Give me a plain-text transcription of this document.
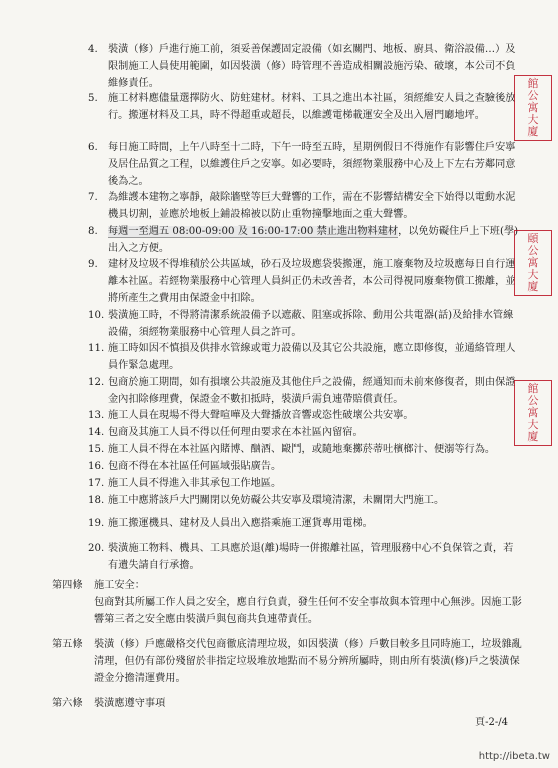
4. 裝潢（修）戶進行施工前，須妥善保護固定設備（如玄關門、地板、廚具、衛浴設備…）及限制施工人員使用範圍，如因裝潢（修）時管理不善造成相關設施污染、破壞，本公司不負維修責任。
5. 施工材料應儘量選擇防火、防蛀建材。材料、工具之進出本社區，須經維安人員之查驗後放行。搬運材料及工具，時不得超重或超長，以維護電梯載運安全及出入層門廳地坪。
6. 每日施工時間，上午八時至十二時，下午一時至五時，星期例假日不得施作有影響住戶安寧及居住品質之工程，以維護住戶之安寧。如必要時，須經物業服務中心及上下左右芳鄰同意後為之。
7. 為維護本建物之寧靜，敲除牆壁等巨大聲響的工作，需在不影響結構安全下始得以電動水泥機具切割，並應於地板上鋪設棉被以防止重物撞擊地面之重大聲響。
8. 每週一至週五 08:00-09:00 及 16:00-17:00 禁止進出物料建材，以免妨礙住戶上下班(學)出入之方便。
9. 建材及垃圾不得堆積於公共區域，砂石及垃圾應袋裝搬運，施工廢棄物及垃圾應每日自行運離本社區。若經物業服務中心管理人員糾正仍未改善者，本公司得視同廢棄物償工搬離，並將所產生之費用由保證金中扣除。
10. 裝潢施工時，不得將清潔系統設備予以遮蔽、阻塞或拆除、動用公共電器(話)及給排水管線設備，須經物業服務中心管理人員之許可。
11. 施工時如因不慎損及供排水管線或電力設備以及其它公共設施，應立即修復，並通絡管理人員作緊急處理。
12. 包商於施工期間，如有損壞公共設施及其他住戶之設備，經通知而未前來修復者，則由保證金內扣除修理費，保證金不數扣抵時，裝潢戶需負連帶賠償責任。
13. 施工人員在現場不得大聲喧嘩及大聲播放音響或恣性破壞公共安寧。
14. 包商及其施工人員不得以任何理由要求在本社區內留宿。
15. 施工人員不得在本社區內賭博、酗酒、毆鬥，或隨地棄擲菸蒂吐檳榔汁、便溺等行為。
16. 包商不得在本社區任何區域張貼廣告。
17. 施工人員不得進入非其承包工作地區。
18. 施工中應將該戶大門關閉以免妨礙公共安寧及環境清潔，未關閉大門施工。
19. 施工搬運機具、建材及人員出入應搭乘施工運貨專用電梯。
20. 裝潢施工物料、機具、工具應於退(離)場時一併搬離社區，管理服務中心不負保管之責，若有遺失請自行承擔。
第四條 施工安全：
包商對其所屬工作人員之安全，應自行負責，發生任何不安全事故與本管理中心無涉。因施工影響第三者之安全應由裝潢戶與包商共負連帶責任。
第五條 裝潢（修）戶應嚴格交代包商徹底清理垃圾，如因裝潢（修）戶數目較多且同時施工，垃圾雜亂清理，但仍有部份殘留於非指定垃圾堆放地點而不易分辨所屬時，則由所有裝潢(修)戶之裝潢保證金分擔清運費用。
第六條 裝潢應遵守事項
頁-2-/4
館
公
寓
大
廈
頤
公
寓
大
廈
館
公
寓
大
廈
http://ibeta.tw
